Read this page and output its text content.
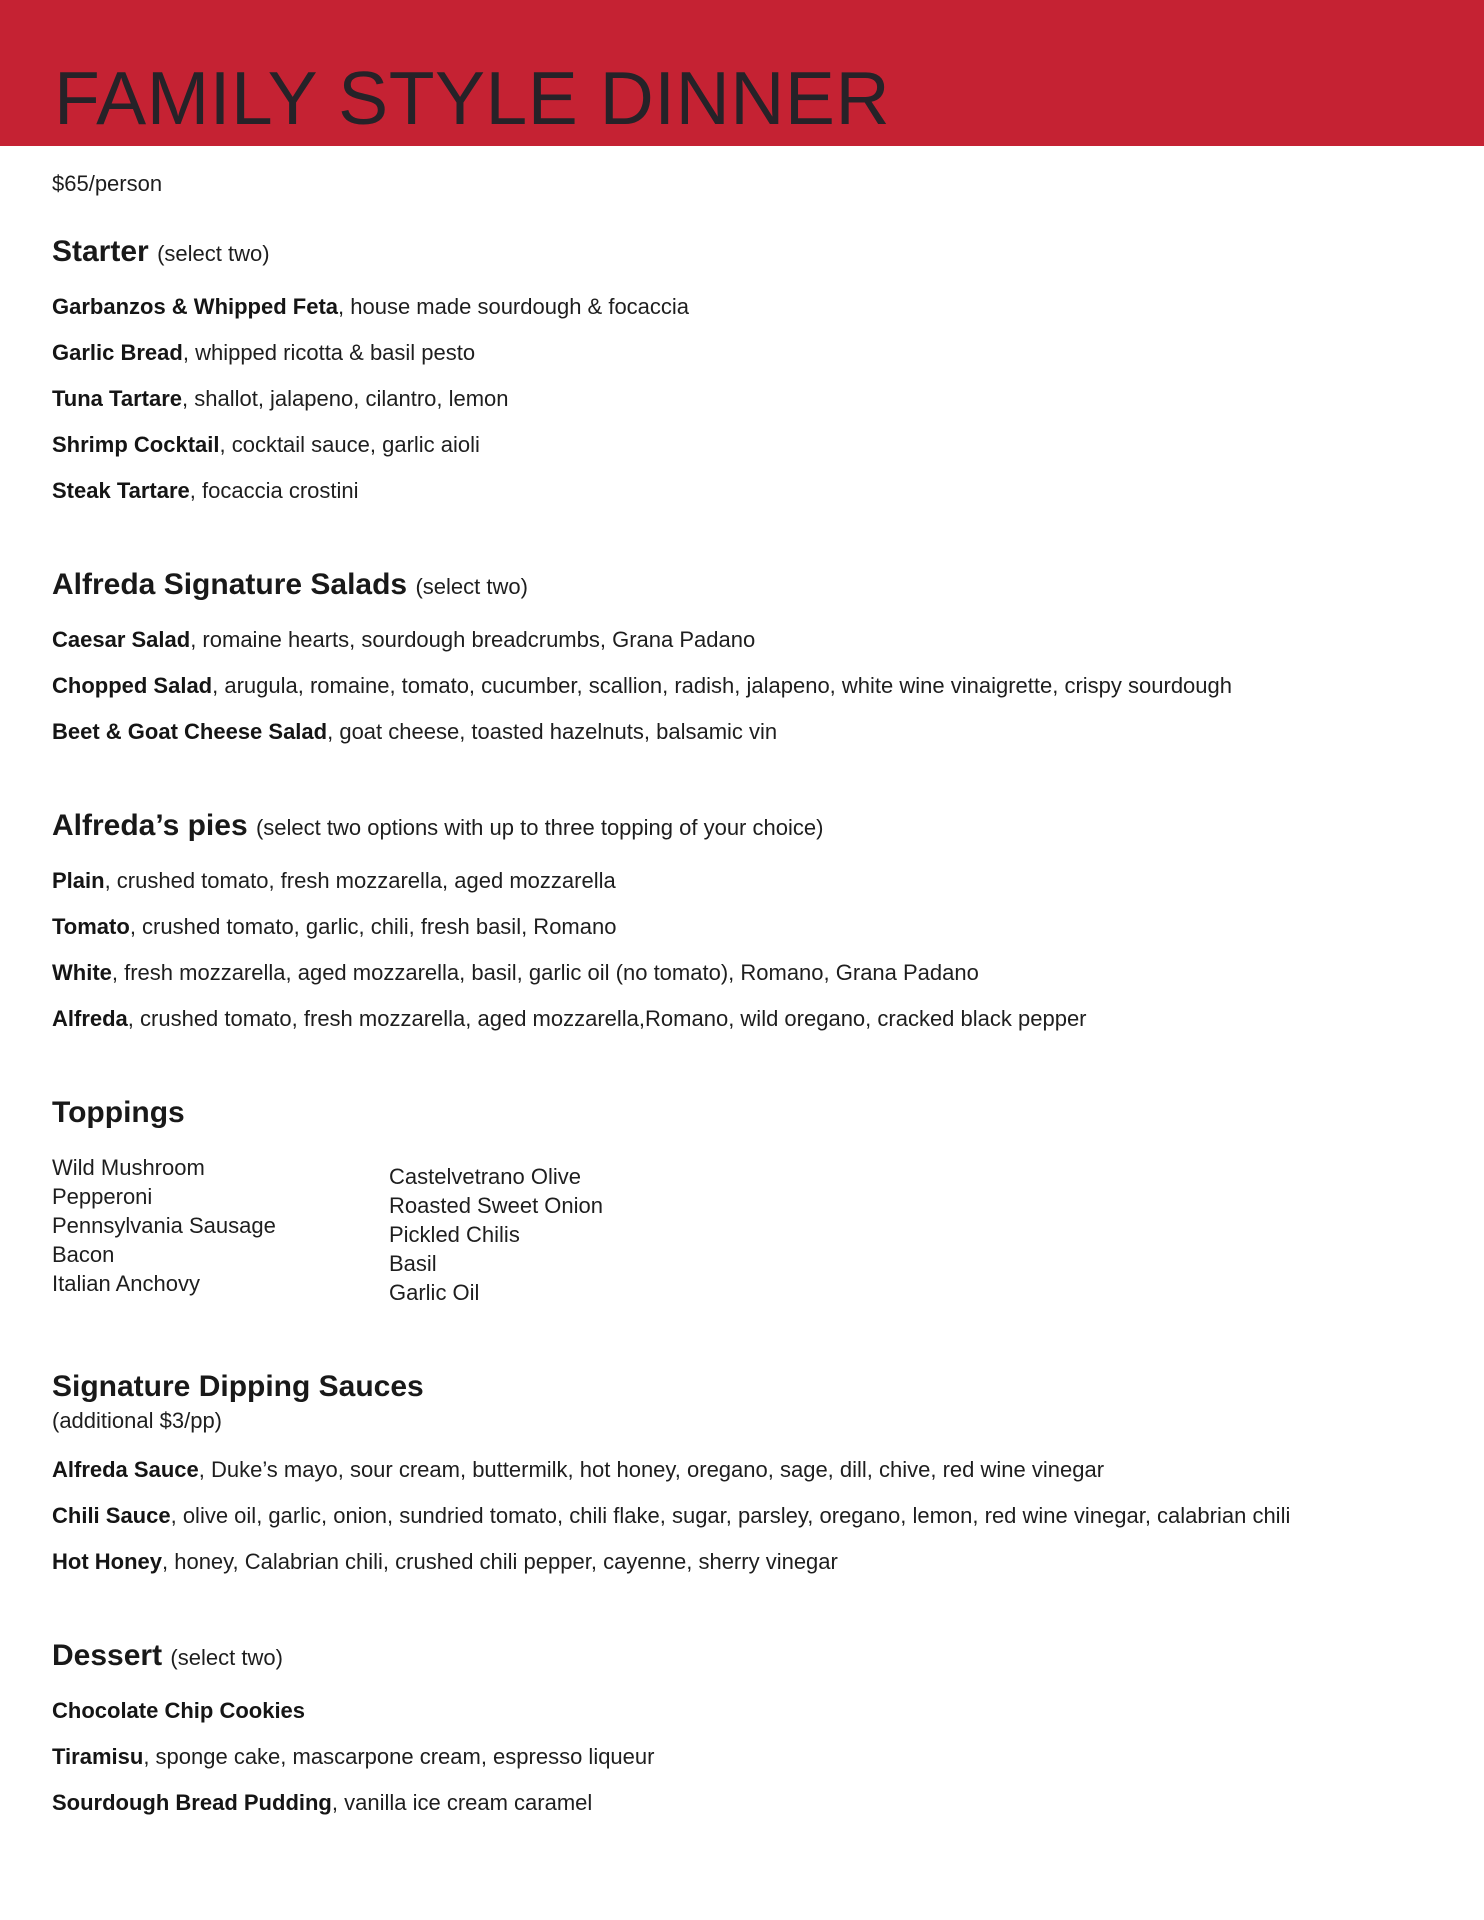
FAMILY STYLE DINNER
$65/person
Starter (select two)
Garbanzos & Whipped Feta, house made sourdough & focaccia
Garlic Bread, whipped ricotta & basil pesto
Tuna Tartare, shallot, jalapeno, cilantro, lemon
Shrimp Cocktail, cocktail sauce, garlic aioli
Steak Tartare, focaccia crostini
Alfreda Signature Salads (select two)
Caesar Salad, romaine hearts, sourdough breadcrumbs, Grana Padano
Chopped Salad, arugula, romaine, tomato, cucumber, scallion, radish, jalapeno, white wine vinaigrette, crispy sourdough
Beet & Goat Cheese Salad, goat cheese, toasted hazelnuts, balsamic vin
Alfreda’s pies (select two options with up to three topping of your choice)
Plain, crushed tomato, fresh mozzarella, aged mozzarella
Tomato, crushed tomato, garlic, chili, fresh basil, Romano
White, fresh mozzarella, aged mozzarella, basil, garlic oil (no tomato), Romano, Grana Padano
Alfreda, crushed tomato, fresh mozzarella, aged mozzarella,Romano, wild oregano, cracked black pepper
Toppings
Wild Mushroom
Pepperoni
Pennsylvania Sausage
Bacon
Italian Anchovy
Castelvetrano Olive
Roasted Sweet Onion
Pickled Chilis
Basil
Garlic Oil
Signature Dipping Sauces
(additional $3/pp)
Alfreda Sauce, Duke’s mayo, sour cream, buttermilk, hot honey, oregano, sage, dill, chive, red wine vinegar
Chili Sauce, olive oil, garlic, onion, sundried tomato, chili flake, sugar, parsley, oregano, lemon, red wine vinegar, calabrian chili
Hot Honey, honey, Calabrian chili, crushed chili pepper, cayenne, sherry vinegar
Dessert (select two)
Chocolate Chip Cookies
Tiramisu, sponge cake, mascarpone cream, espresso liqueur
Sourdough Bread Pudding, vanilla ice cream caramel
